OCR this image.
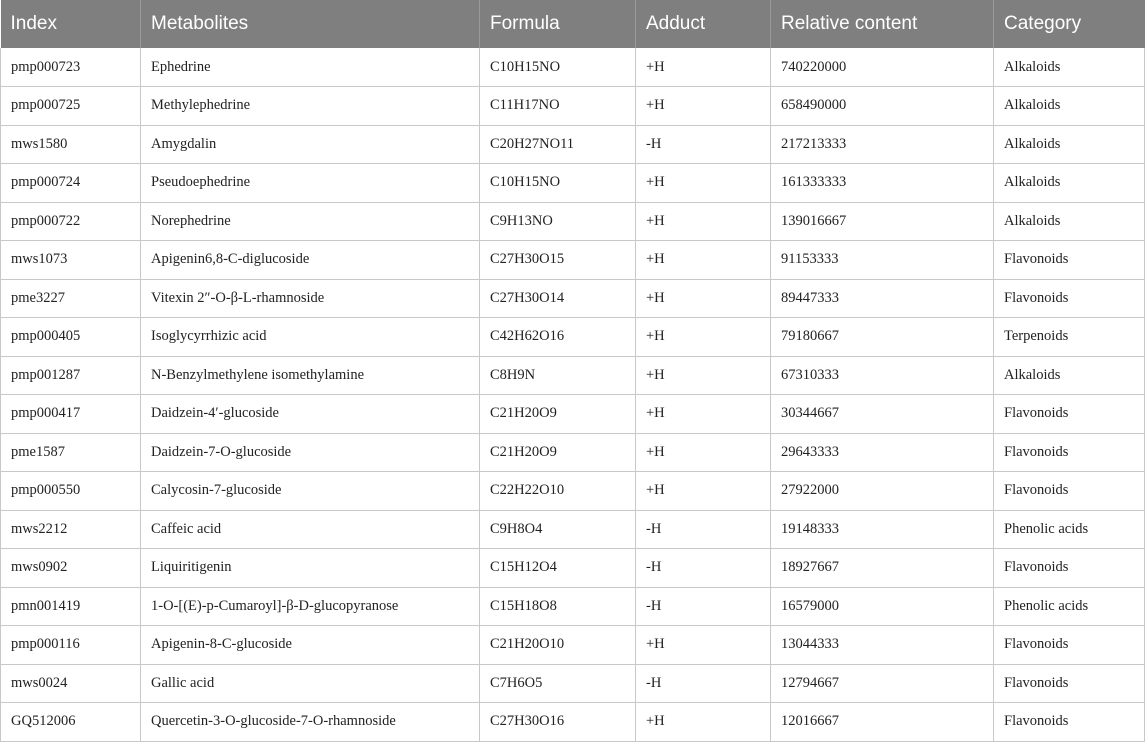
Index	Metabolites	Formula	Adduct	Relative content	Category
pmp000723	Ephedrine	C10H15NO	+H	740220000	Alkaloids
pmp000725	Methylephedrine	C11H17NO	+H	658490000	Alkaloids
mws1580	Amygdalin	C20H27NO11	-H	217213333	Alkaloids
pmp000724	Pseudoephedrine	C10H15NO	+H	161333333	Alkaloids
pmp000722	Norephedrine	C9H13NO	+H	139016667	Alkaloids
mws1073	Apigenin6,8-C-diglucoside	C27H30O15	+H	91153333	Flavonoids
pme3227	Vitexin 2″-O-β-L-rhamnoside	C27H30O14	+H	89447333	Flavonoids
pmp000405	Isoglycyrrhizic acid	C42H62O16	+H	79180667	Terpenoids
pmp001287	N-Benzylmethylene isomethylamine	C8H9N	+H	67310333	Alkaloids
pmp000417	Daidzein-4′-glucoside	C21H20O9	+H	30344667	Flavonoids
pme1587	Daidzein-7-O-glucoside	C21H20O9	+H	29643333	Flavonoids
pmp000550	Calycosin-7-glucoside	C22H22O10	+H	27922000	Flavonoids
mws2212	Caffeic acid	C9H8O4	-H	19148333	Phenolic acids
mws0902	Liquiritigenin	C15H12O4	-H	18927667	Flavonoids
pmn001419	1-O-[(E)-p-Cumaroyl]-β-D-glucopyranose	C15H18O8	-H	16579000	Phenolic acids
pmp000116	Apigenin-8-C-glucoside	C21H20O10	+H	13044333	Flavonoids
mws0024	Gallic acid	C7H6O5	-H	12794667	Flavonoids
GQ512006	Quercetin-3-O-glucoside-7-O-rhamnoside	C27H30O16	+H	12016667	Flavonoids
